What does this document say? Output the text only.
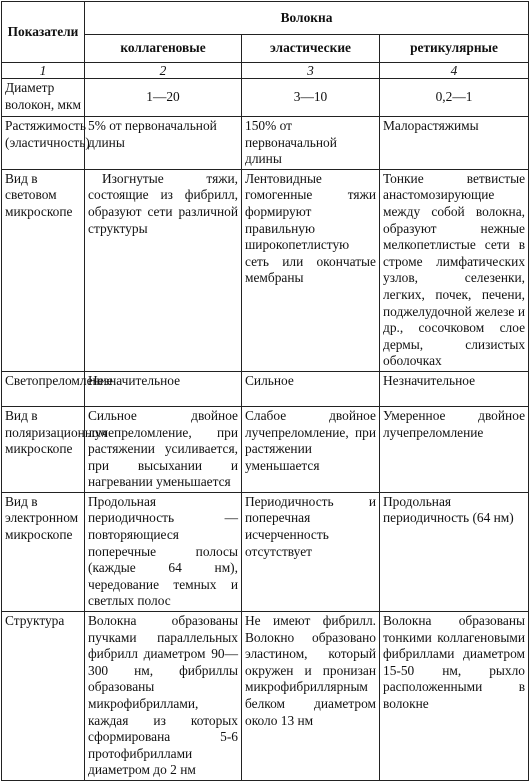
Показатели	Волокна		
	коллагеновые	эластические	ретикулярные
1	2	3	4
Диаметр волокон, мкм	1—20	3—10	0,2—1
Растяжимость (эластичность)	5% от первоначальной длины	150% от первоначальной длины	Малорастяжимы
Вид в световом микроскопе	Изогнутые тяжи, состоящие из фибрилл, образуют сети различной структуры	Лентовидные гомогенные тяжи формируют правильную широкопетлистую сеть или окончатые мембраны	Тонкие ветвистые анастомозирующие между собой волокна, образуют нежные мелкопетлистые сети в строме лимфатических узлов, селезенки, легких, почек, печени, поджелудочной железе и др., сосочковом слое дермы, слизистых оболочках
Светопреломление	Незначительное	Сильное	Незначительное
Вид в поляризационном микроскопе	Сильное двойное лучепреломление, при растяжении усиливается, при высыхании и нагревании уменьшается	Слабое двойное лучепреломление, при растяжении уменьшается	Умеренное двойное лучепреломление
Вид в электронном микроскопе	Продольная периодичность — повторяющиеся поперечные полосы (каждые 64 нм), чередование темных и светлых полос	Периодичность и поперечная исчерченность отсутствует	Продольная периодичность (64 нм)
Структура	Волокна образованы пучками параллельных фибрилл диаметром 90—300 нм, фибриллы образованы микрофибриллами, каждая из которых сформирована 5-6 протофибриллами диаметром до 2 нм	Не имеют фибрилл. Волокно образовано эластином, который окружен и пронизан микрофибриллярным белком диаметром около 13 нм	Волокна образованы тонкими коллагеновыми фибриллами диаметром 15-50 нм, рыхло расположенными в волокне
